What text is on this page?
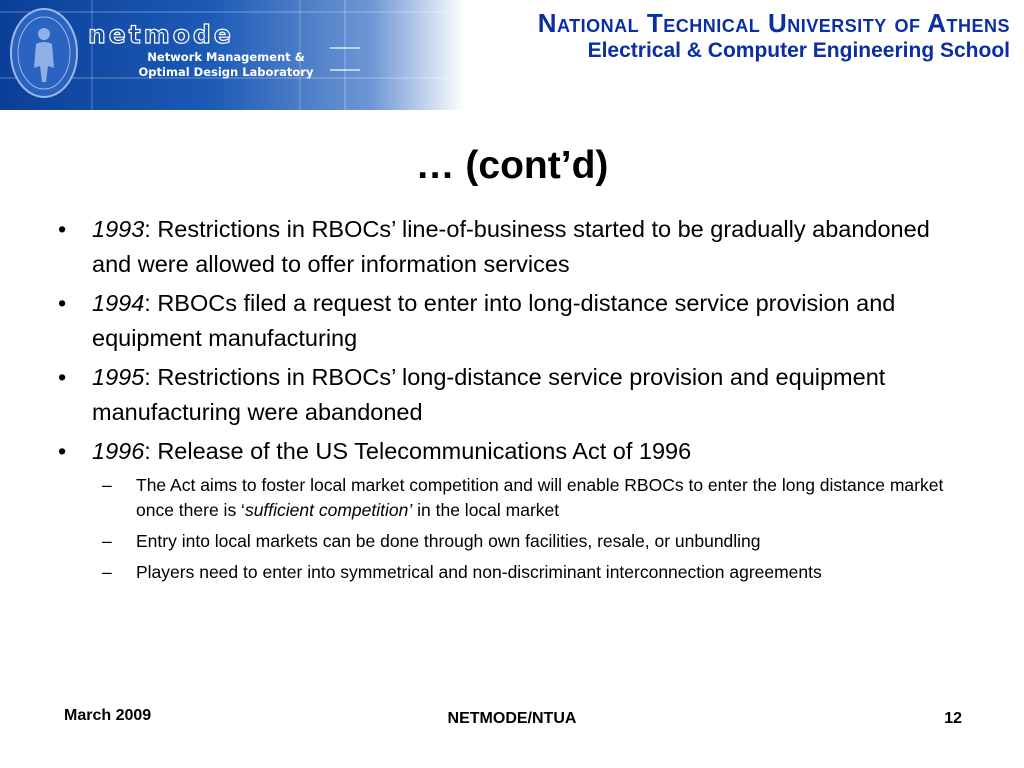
netmode
Network Management &
Optimal Design Laboratory
National Technical University of Athens
Electrical & Computer Engineering School
… (cont’d)
•	1993: Restrictions in RBOCs’ line-of-business started to be gradually abandoned and were allowed to offer information services
•	1994: RBOCs filed a request to enter into long-distance service provision and equipment manufacturing
•	1995: Restrictions in RBOCs’ long-distance service provision and equipment manufacturing were abandoned
•	1996: Release of the US Telecommunications Act of 1996
– The Act aims to foster local market competition and will enable RBOCs to enter the long distance market once there is ‘sufficient competition’ in the local market
– Entry into local markets can be done through own facilities, resale, or unbundling
– Players need to enter into symmetrical and non-discriminant interconnection agreements
March 2009	NETMODE/NTUA	12
